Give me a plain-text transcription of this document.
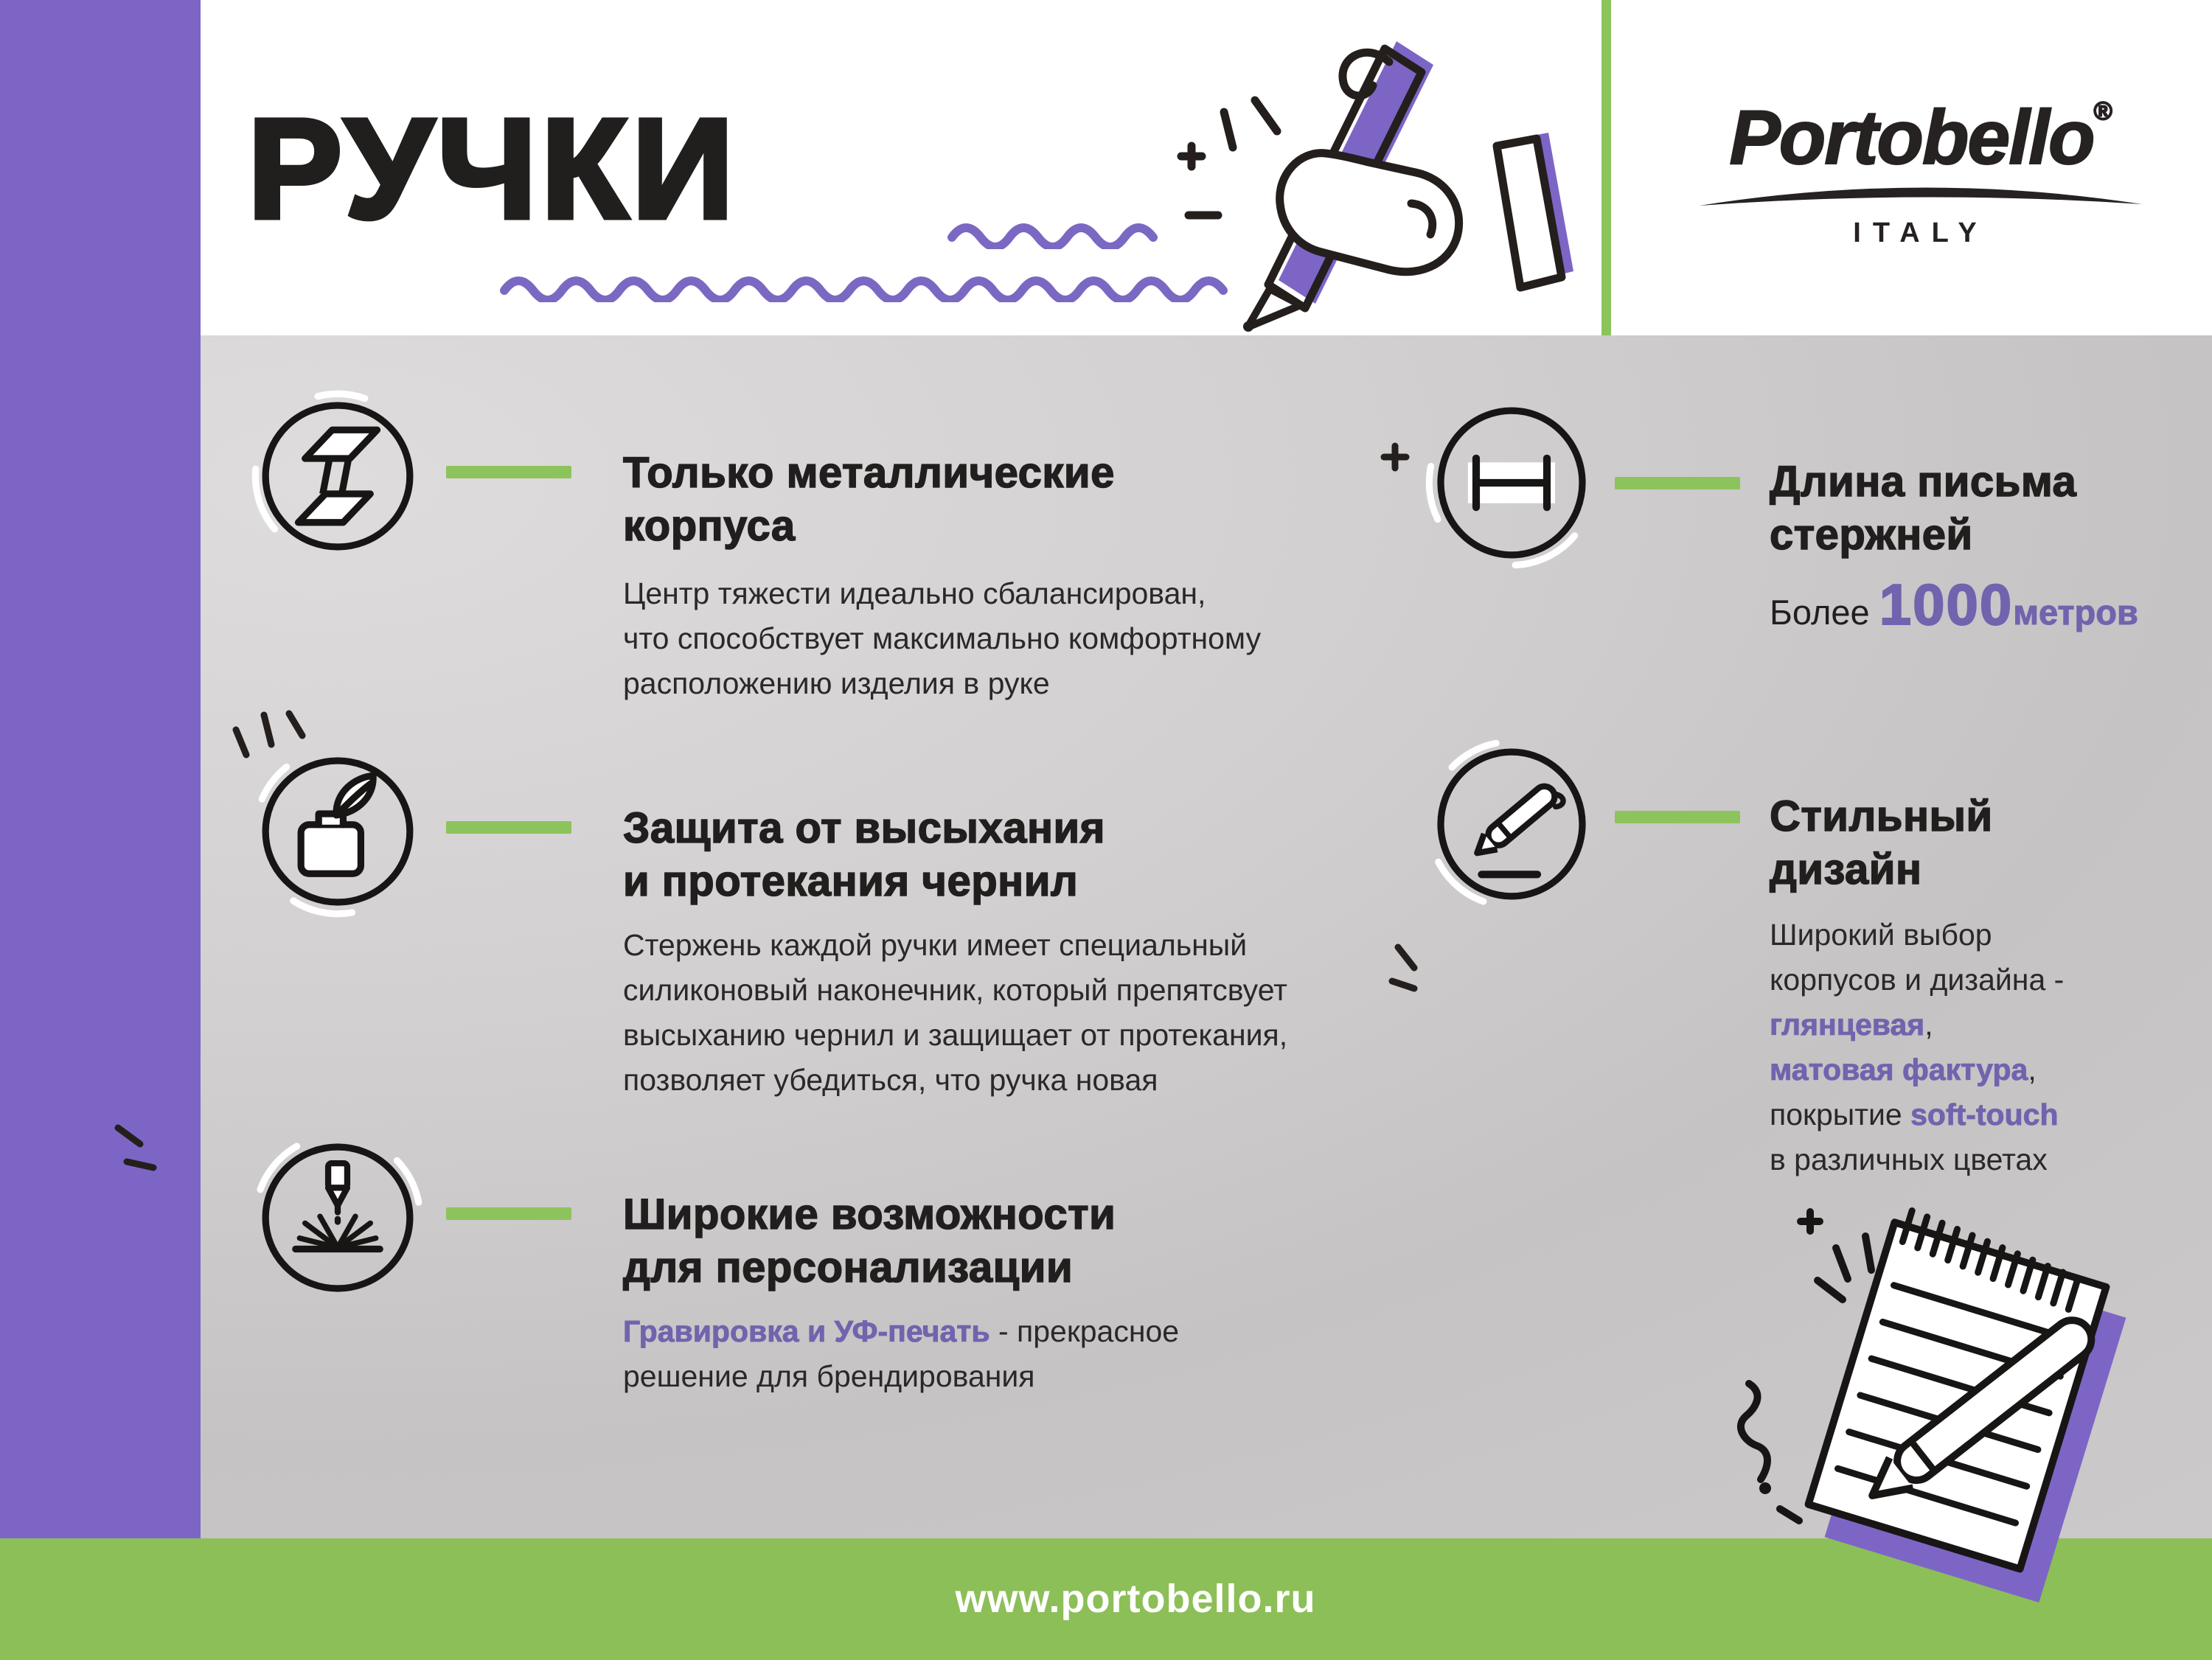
РУЧКИ	Portobello®
ITALY
Только металлические
корпуса
Центр тяжести идеально сбалансирован,
что способствует максимально комфортному
расположению изделия в руке
Защита от высыхания
и протекания чернил
Стержень каждой ручки имеет специальный
силиконовый наконечник, который препятсвует
высыханию чернил и защищает от протекания,
позволяет убедиться, что ручка новая
Широкие возможности
для персонализации
Гравировка и УФ-печать - прекрасное
решение для брендирования
Длина письма
стержней
Более 1000метров
Стильный
дизайн
Широкий выбор
корпусов и дизайна -
глянцевая,
матовая фактура,
покрытие soft-touch
в различных цветах
www.portobello.ru
